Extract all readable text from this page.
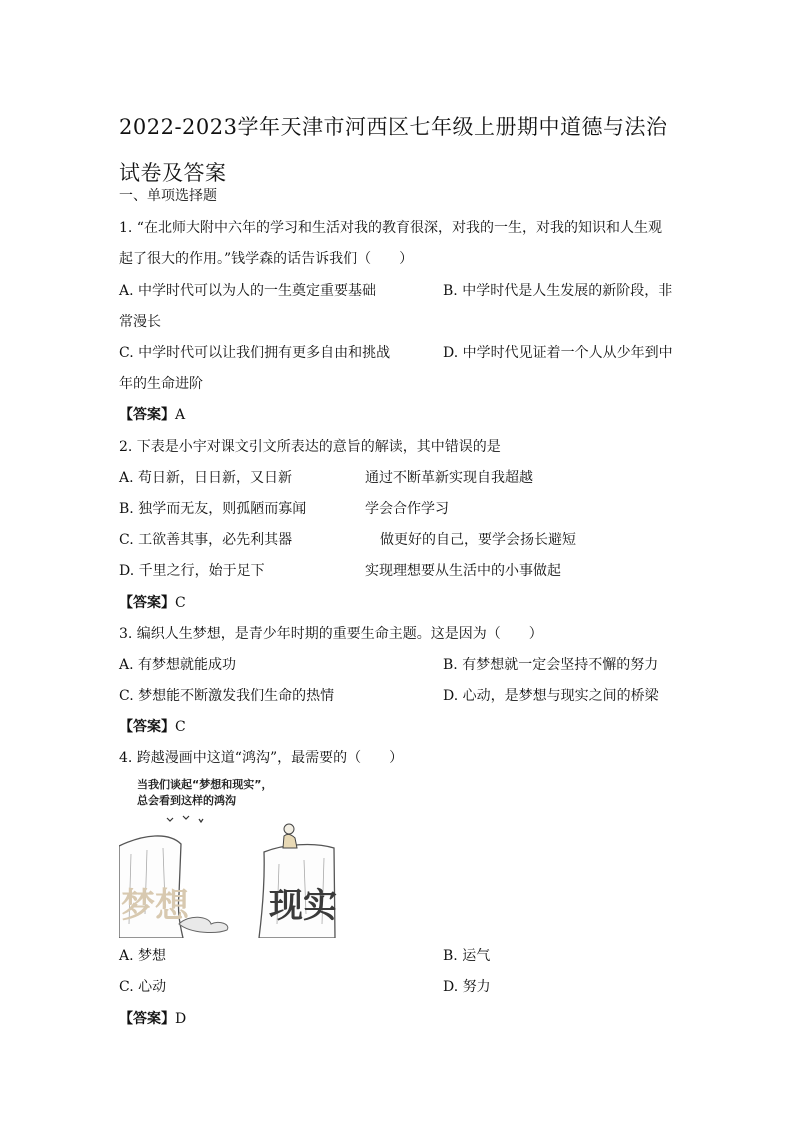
2022-2023学年天津市河西区七年级上册期中道德与法治试卷及答案
一、单项选择题
1. “在北师大附中六年的学习和生活对我的教育很深，对我的一生，对我的知识和人生观
起了很大的作用。”钱学森的话告诉我们（　　）
A. 中学时代可以为人的一生奠定重要基础	B. 中学时代是人生发展的新阶段，非
常漫长
C. 中学时代可以让我们拥有更多自由和挑战	D. 中学时代见证着一个人从少年到中
年的生命进阶
【答案】A
2. 下表是小宇对课文引文所表达的意旨的解读，其中错误的是
A. 苟日新，日日新，又日新	通过不断革新实现自我超越
B. 独学而无友，则孤陋而寡闻	学会合作学习
C. 工欲善其事，必先利其器	做更好的自己，要学会扬长避短
D. 千里之行，始于足下	实现理想要从生活中的小事做起
【答案】C
3. 编织人生梦想，是青少年时期的重要生命主题。这是因为（　　）
A. 有梦想就能成功	B. 有梦想就一定会坚持不懈的努力
C. 梦想能不断激发我们生命的热情	D. 心动，是梦想与现实之间的桥梁
【答案】C
4. 跨越漫画中这道“鸿沟”，最需要的（　　）
当我们谈起“梦想和现实”，
总会看到这样的鸿沟
梦想 现实
A. 梦想	B. 运气
C. 心动	D. 努力
【答案】D
